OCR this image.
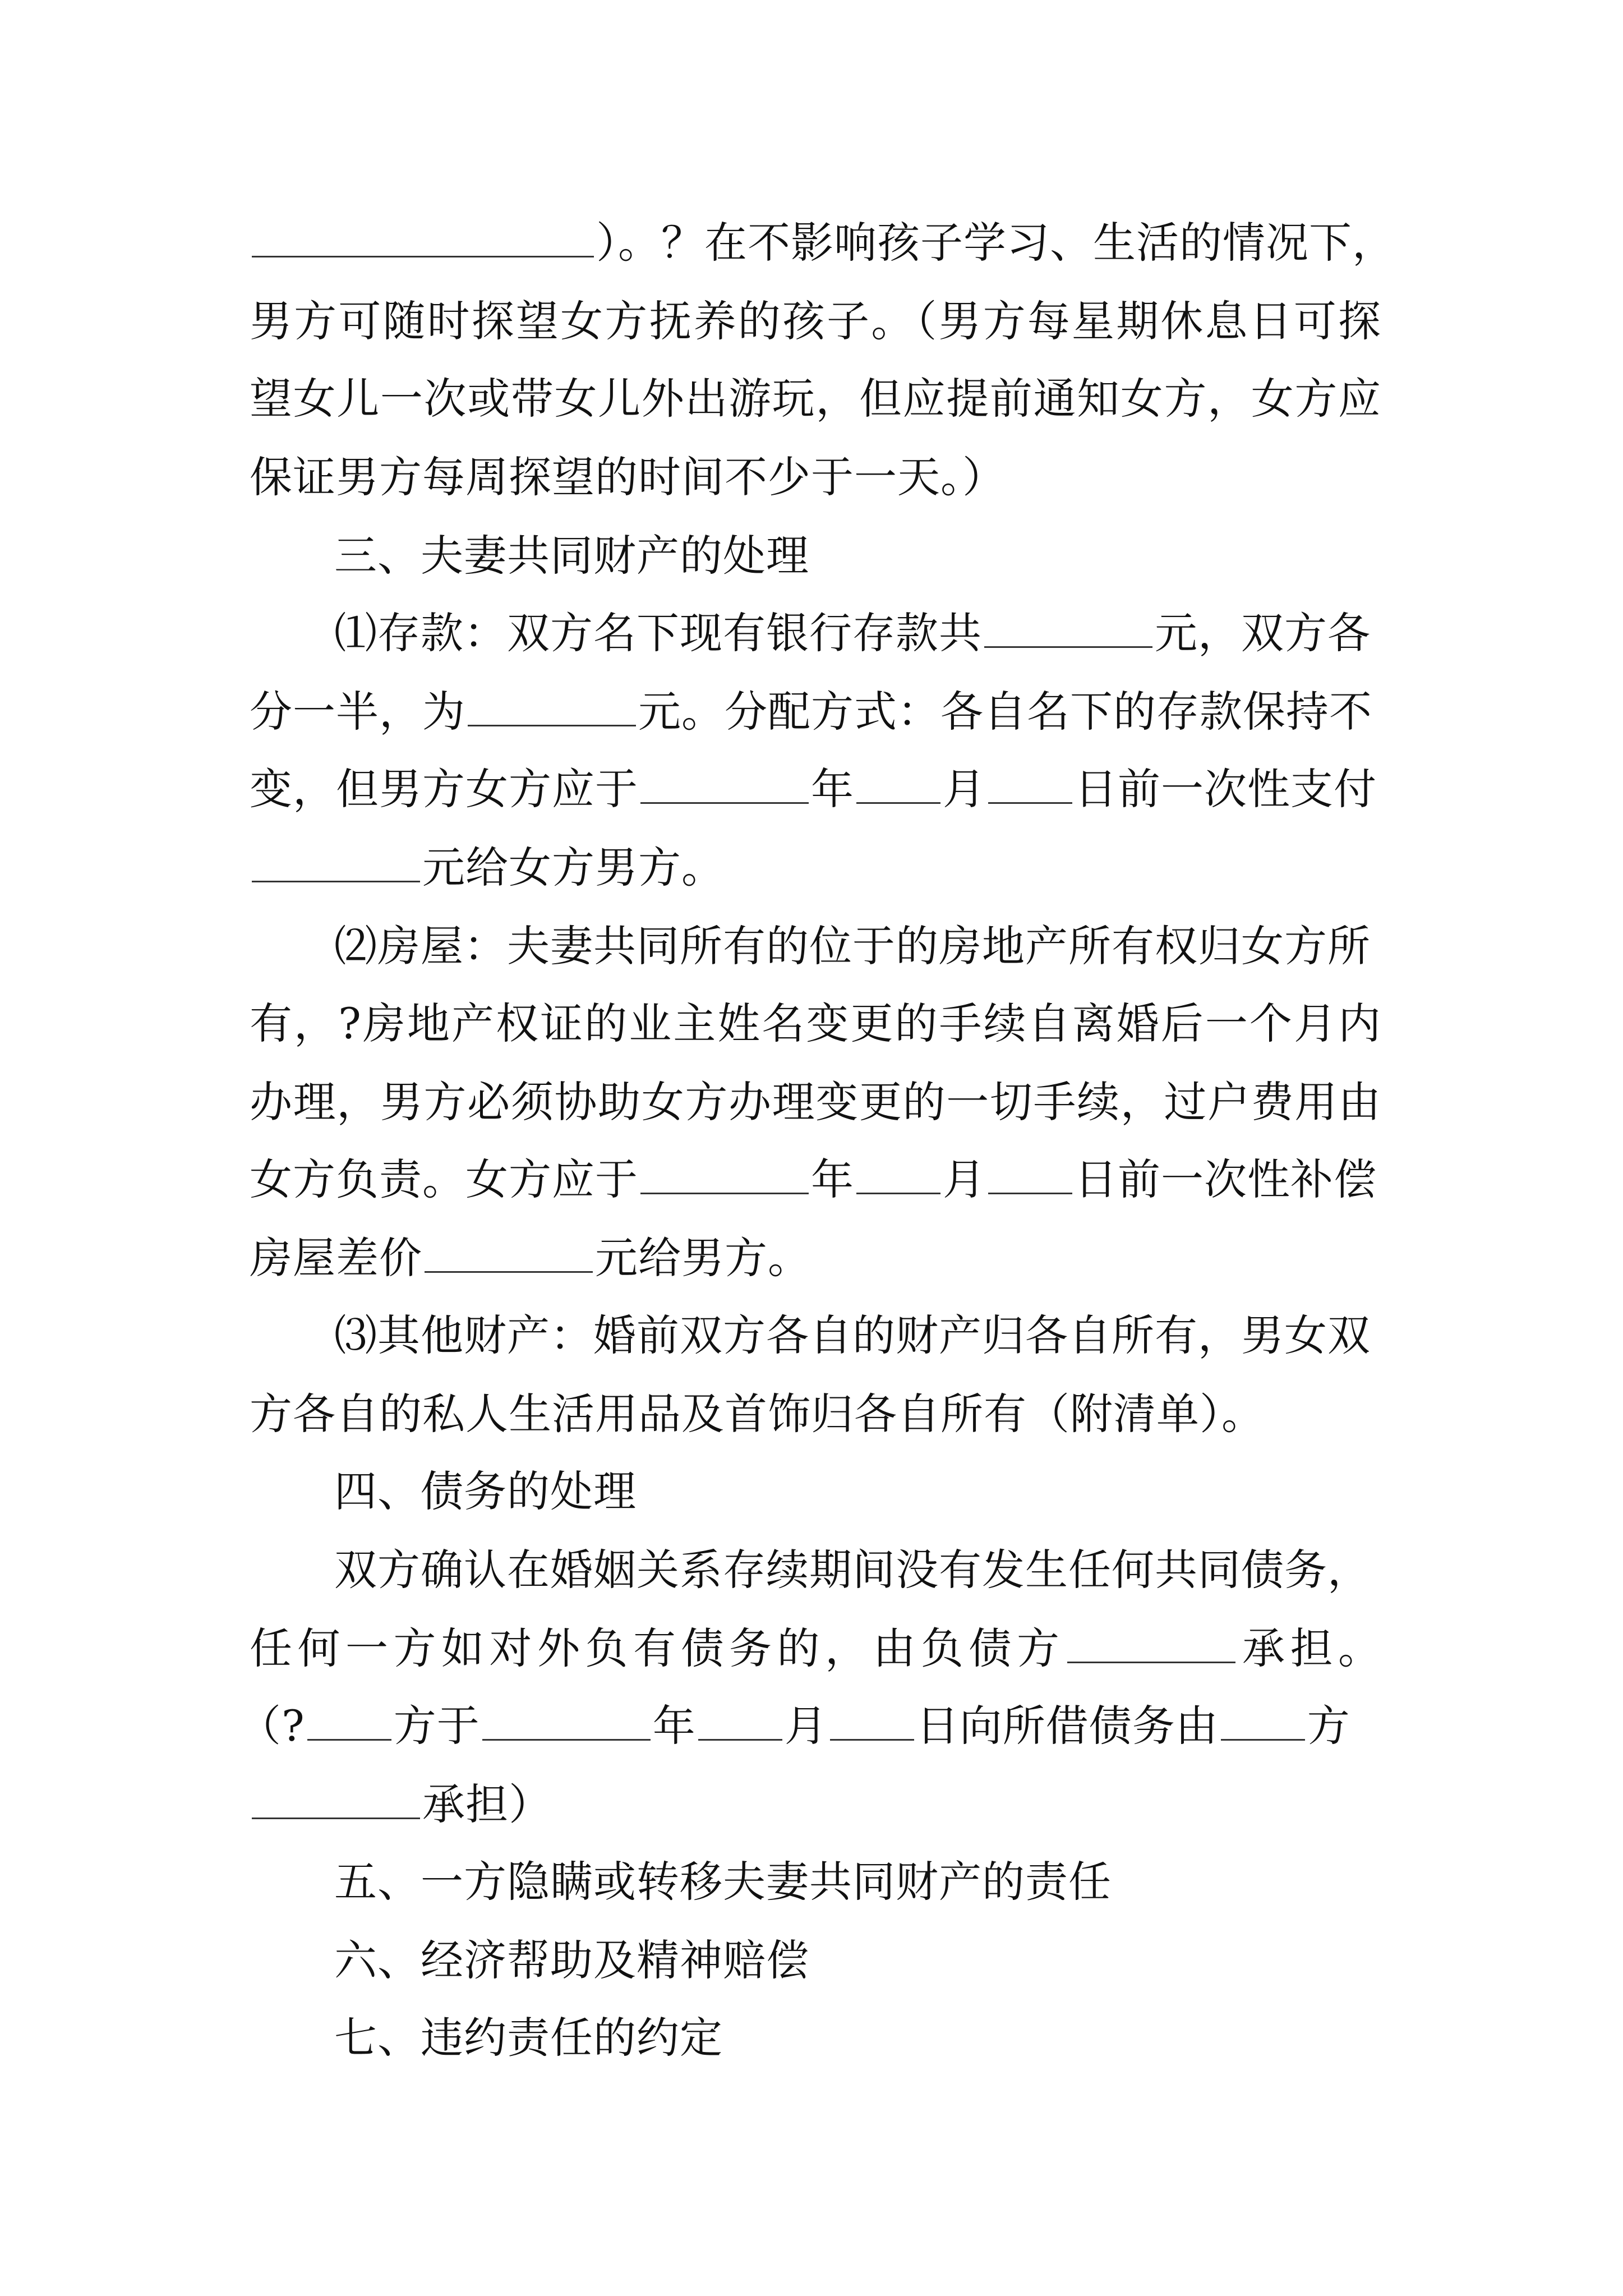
）。？在不影响孩子学习、生活的情况下，
男方可随时探望女方抚养的孩子。（男方每星期休息日可探
望女儿一次或带女儿外出游玩，但应提前通知女方，女方应
保证男方每周探望的时间不少于一天。）
三、夫妻共同财产的处理
⑴存款：双方名下现有银行存款共	元，双方各
分一半，为	元。分配方式：各自名下的存款保持不
变，但男方女方应于	年 月 日前一次性支付
元给女方男方。
⑵房屋：夫妻共同所有的位于的房地产所有权归女方所
有，?房地产权证的业主姓名变更的手续自离婚后一个月内
办理，男方必须协助女方办理变更的一切手续，过户费用由
女方负责。女方应于	年 月 日前一次性补偿
房屋差价	元给男方。
⑶其他财产：婚前双方各自的财产归各自所有，男女双
方各自的私人生活用品及首饰归各自所有（附清单）。
四、债务的处理
双方确认在婚姻关系存续期间没有发生任何共同债务，
任何一方如对外负有债务的，由负债方	承担。
（? 方于	年 月 日向所借债务由 方
承担）
五、一方隐瞒或转移夫妻共同财产的责任
六、经济帮助及精神赔偿
七、违约责任的约定
